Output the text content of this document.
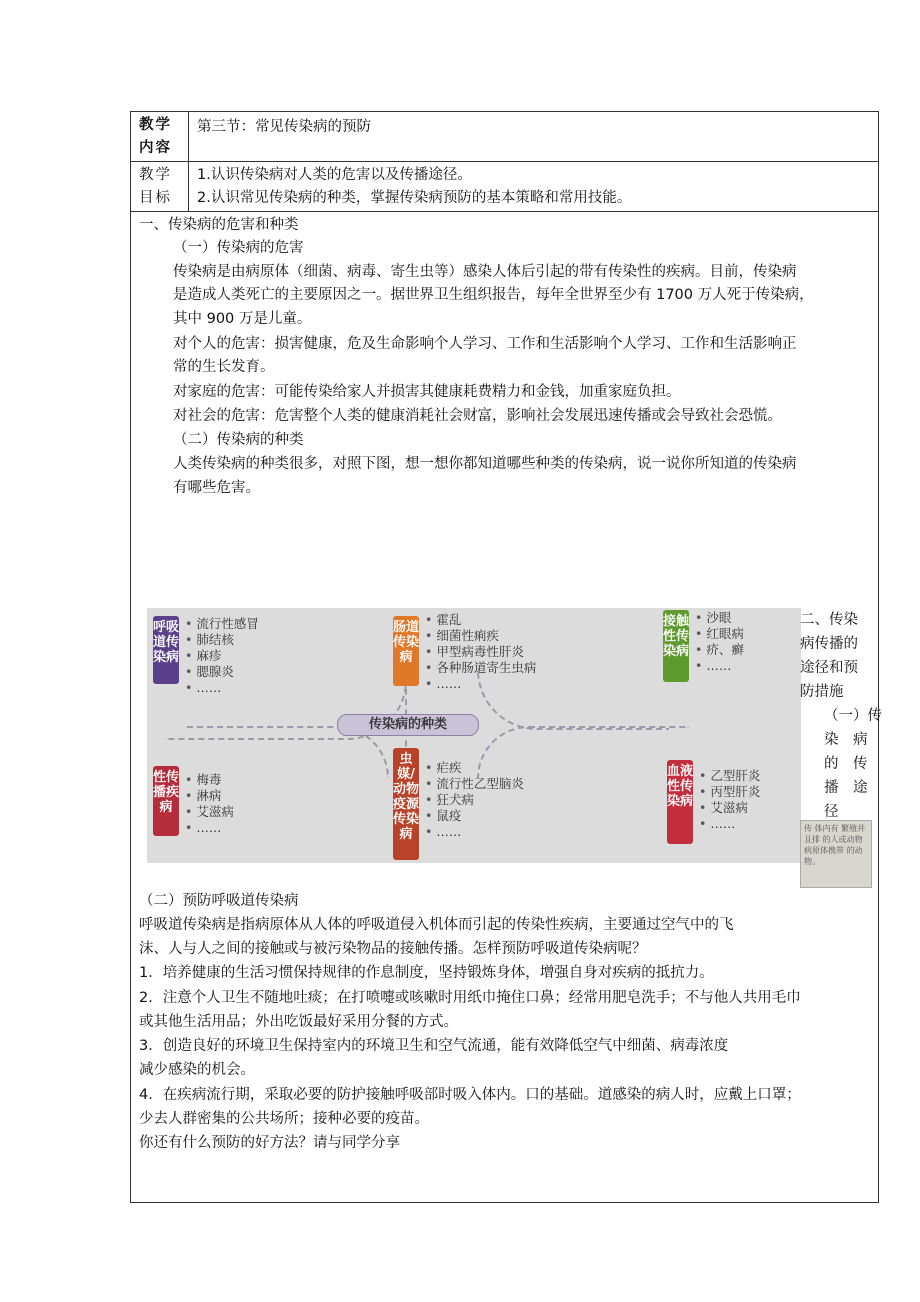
教学内容
第三节：常见传染病的预防
教学目标
1.认识传染病对人类的危害以及传播途径。
2.认识常见传染病的种类，掌握传染病预防的基本策略和常用技能。

一、传染病的危害和种类

（一）传染病的危害

传染病是由病原体（细菌、病毒、寄生虫等）感染人体后引起的带有传染性的疾病。目前，传染病

是造成人类死亡的主要原因之一。据世界卫生组织报告，每年全世界至少有 1700 万人死于传染病，

其中 900 万是儿童。

对个人的危害：损害健康，危及生命影响个人学习、工作和生活影响个人学习、工作和生活影响正

常的生长发育。

对家庭的危害：可能传染给家人并损害其健康耗费精力和金钱，加重家庭负担。

对社会的危害：危害整个人类的健康消耗社会财富，影响社会发展迅速传播或会导致社会恐慌。

（二）传染病的种类

人类传染病的种类很多，对照下图，想一想你都知道哪些种类的传染病，说一说你所知道的传染病

有哪些危害。

传染病的种类
呼吸道传染病
• 流行性感冒
• 肺结核
• 麻疹
• 腮腺炎
• ……
肠道传染病
• 霍乱
• 细菌性痢疾
• 甲型病毒性肝炎
• 各种肠道寄生虫病
• ……
接触性传染病
• 沙眼
• 红眼病
• 疥、癣
• ……
性传播疾病
• 梅毒
• 淋病
• 艾滋病
• ……
虫媒/动物疫源传染病
• 疟疾
• 流行性乙型脑炎
• 狂犬病
• 鼠疫
• ……
血液性传染病
• 乙型肝炎
• 丙型肝炎
• 艾滋病
• ……
二、传染
病传播的
途径和预
防措施
（一）传
染　病
的　传
播　途
径
传 体内有 繁殖并且排 的人或动物 病原体携带 的动物。

（二）预防呼吸道传染病

呼吸道传染病是指病原体从人体的呼吸道侵入机体而引起的传染性疾病，主要通过空气中的飞

沫、人与人之间的接触或与被污染物品的接触传播。怎样预防呼吸道传染病呢？

1．培养健康的生活习惯保持规律的作息制度，坚持锻炼身体，增强自身对疾病的抵抗力。

2．注意个人卫生不随地吐痰；在打喷嚏或咳嗽时用纸巾掩住口鼻；经常用肥皂洗手；不与他人共用毛巾

或其他生活用品；外出吃饭最好采用分餐的方式。

3．创造良好的环境卫生保持室内的环境卫生和空气流通，能有效降低空气中细菌、病毒浓度

减少感染的机会。

4．在疾病流行期，采取必要的防护接触呼吸部时吸入体内。口的基础。道感染的病人时，应戴上口罩；

少去人群密集的公共场所；接种必要的疫苗。

你还有什么预防的好方法？请与同学分享
